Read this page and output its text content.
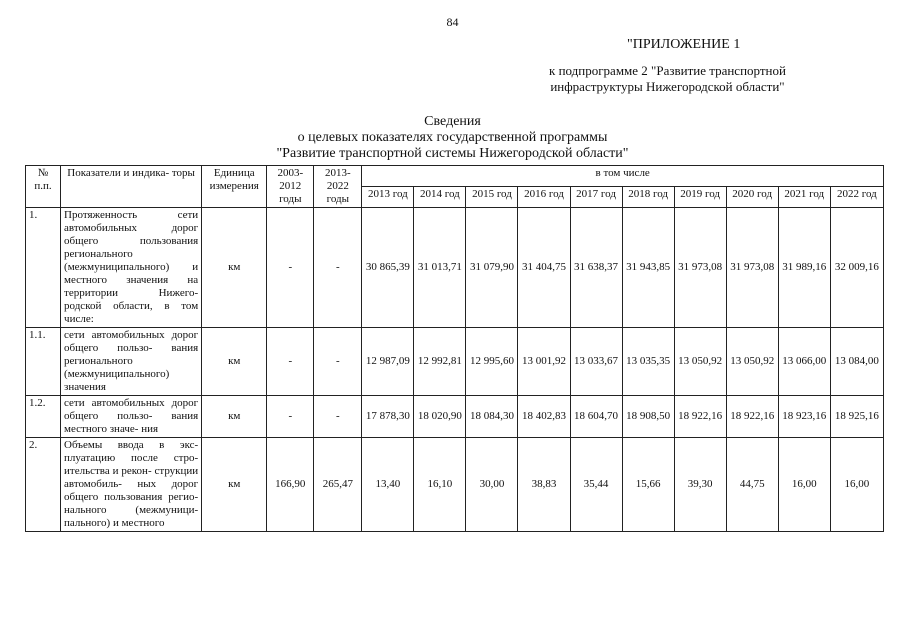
84
"ПРИЛОЖЕНИЕ 1
к подпрограмме 2 "Развитие транспортной
инфраструктуры Нижегородской области"
Сведения
о целевых показателях государственной программы
"Развитие транспортной системы Нижегородской области"
№ п.п.	Показатели и индика- торы	Единица измерения	2003- 2012 годы	2013- 2022 годы	в том числе									
					2013 год	2014 год	2015 год	2016 год	2017 год	2018 год	2019 год	2020 год	2021 год	2022 год
1.	Протяженность сети автомобильных дорог общего пользования регионального (межмуниципального) и местного значения на территории Нижего- родской области, в том числе:	км	-	-	30 865,39	31 013,71	31 079,90	31 404,75	31 638,37	31 943,85	31 973,08	31 973,08	31 989,16	32 009,16
1.1.	сети автомобильных дорог общего пользо- вания регионального (межмуниципального) значения	км	-	-	12 987,09	12 992,81	12 995,60	13 001,92	13 033,67	13 035,35	13 050,92	13 050,92	13 066,00	13 084,00
1.2.	сети автомобильных дорог общего пользо- вания местного значе- ния	км	-	-	17 878,30	18 020,90	18 084,30	18 402,83	18 604,70	18 908,50	18 922,16	18 922,16	18 923,16	18 925,16
2.	Объемы ввода в экс- плуатацию после стро- ительства и рекон- струкции автомобиль- ных дорог общего пользования регио- нального (межмуници- пального) и местного	км	166,90	265,47	13,40	16,10	30,00	38,83	35,44	15,66	39,30	44,75	16,00	16,00
